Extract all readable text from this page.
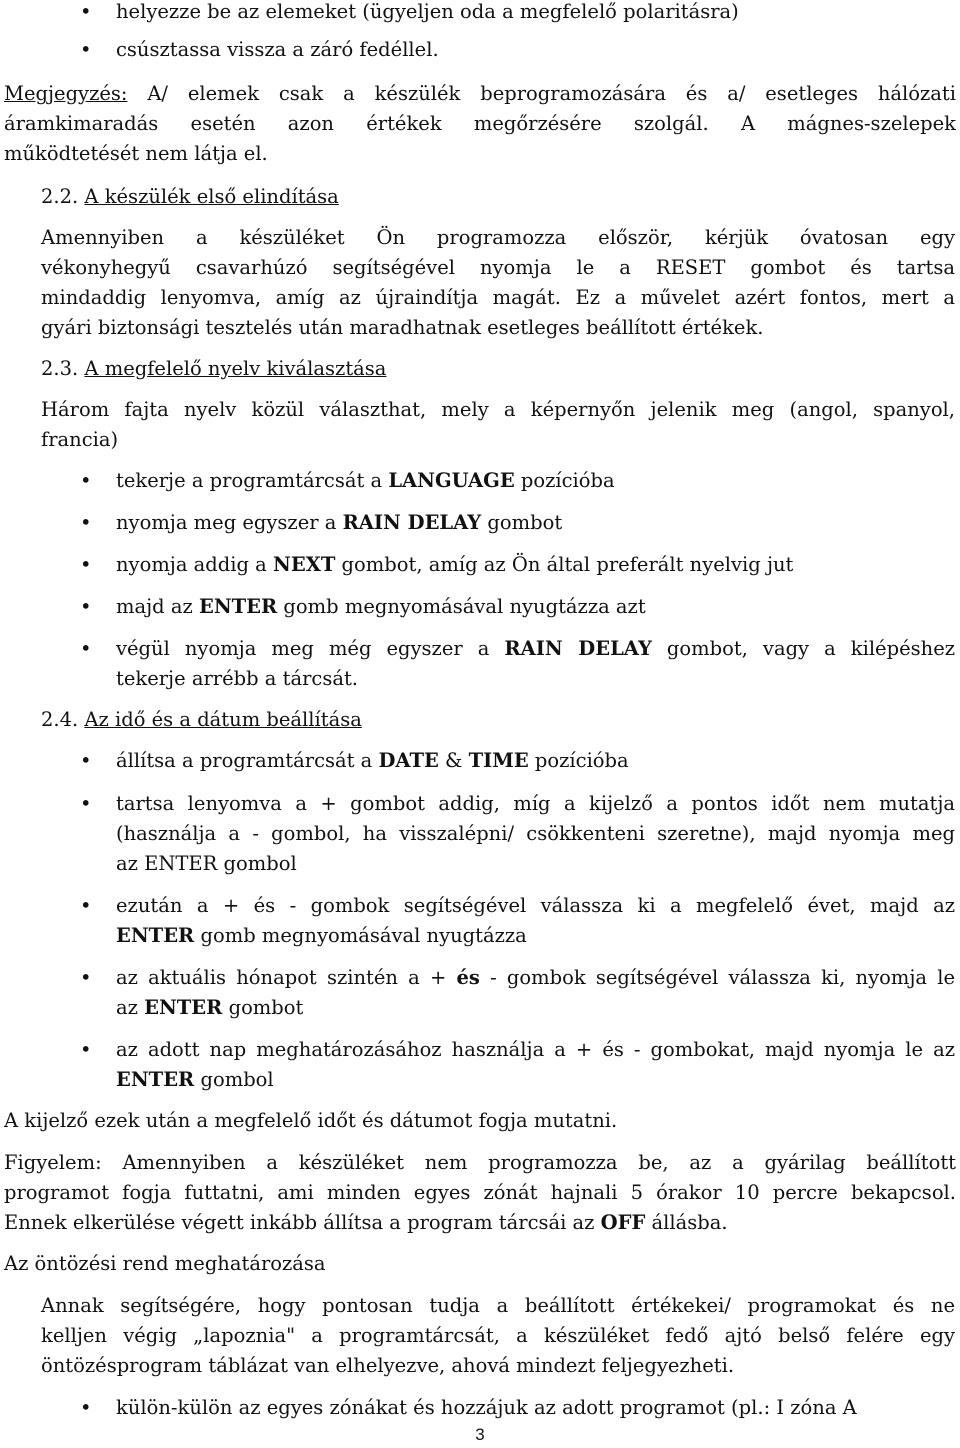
•	helyezze be az elemeket (ügyeljen oda a megfelelő polaritásra)
•	csúsztassa vissza a záró fedéllel.
Megjegyzés: A/ elemek csak a készülék beprogramozására és a/ esetleges hálózati
áramkimaradás esetén azon értékek megőrzésére szolgál. A mágnes-szelepek
működtetését nem látja el.
2.2. A készülék első elindítása
Amennyiben a készüléket Ön programozza először, kérjük óvatosan egy
vékonyhegyű csavarhúzó segítségével nyomja le a RESET gombot és tartsa
mindaddig lenyomva, amíg az újraindítja magát. Ez a művelet azért fontos, mert a
gyári biztonsági tesztelés után maradhatnak esetleges beállított értékek.
2.3. A megfelelő nyelv kiválasztása
Három fajta nyelv közül választhat, mely a képernyőn jelenik meg (angol, spanyol,
francia)
•	tekerje a programtárcsát a LANGUAGE pozícióba
•	nyomja meg egyszer a RAIN DELAY gombot
•	nyomja addig a NEXT gombot, amíg az Ön által preferált nyelvig jut
•	majd az ENTER gomb megnyomásával nyugtázza azt
•	végül nyomja meg még egyszer a RAIN DELAY gombot, vagy a kilépéshez
tekerje arrébb a tárcsát.
2.4. Az idő és a dátum beállítása
•	állítsa a programtárcsát a DATE & TIME pozícióba
•	tartsa lenyomva a + gombot addig, míg a kijelző a pontos időt nem mutatja
(használja a - gombol, ha visszalépni/ csökkenteni szeretne), majd nyomja meg
az ENTER gombol
•	ezután a + és - gombok segítségével válassza ki a megfelelő évet, majd az
ENTER gomb megnyomásával nyugtázza
•	az aktuális hónapot szintén a + és - gombok segítségével válassza ki, nyomja le
az ENTER gombot
•	az adott nap meghatározásához használja a + és - gombokat, majd nyomja le az
ENTER gombol
A kijelző ezek után a megfelelő időt és dátumot fogja mutatni.
Figyelem: Amennyiben a készüléket nem programozza be, az a gyárilag beállított
programot fogja futtatni, ami minden egyes zónát hajnali 5 órakor 10 percre bekapcsol.
Ennek elkerülése végett inkább állítsa a program tárcsái az OFF állásba.
Az öntözési rend meghatározása
Annak segítségére, hogy pontosan tudja a beállított értékekei/ programokat és ne
kelljen végig „lapoznia" a programtárcsát, a készüléket fedő ajtó belső felére egy
öntözésprogram táblázat van elhelyezve, ahová mindezt feljegyezheti.
•	külön-külön az egyes zónákat és hozzájuk az adott programot (pl.: I zóna A
3
